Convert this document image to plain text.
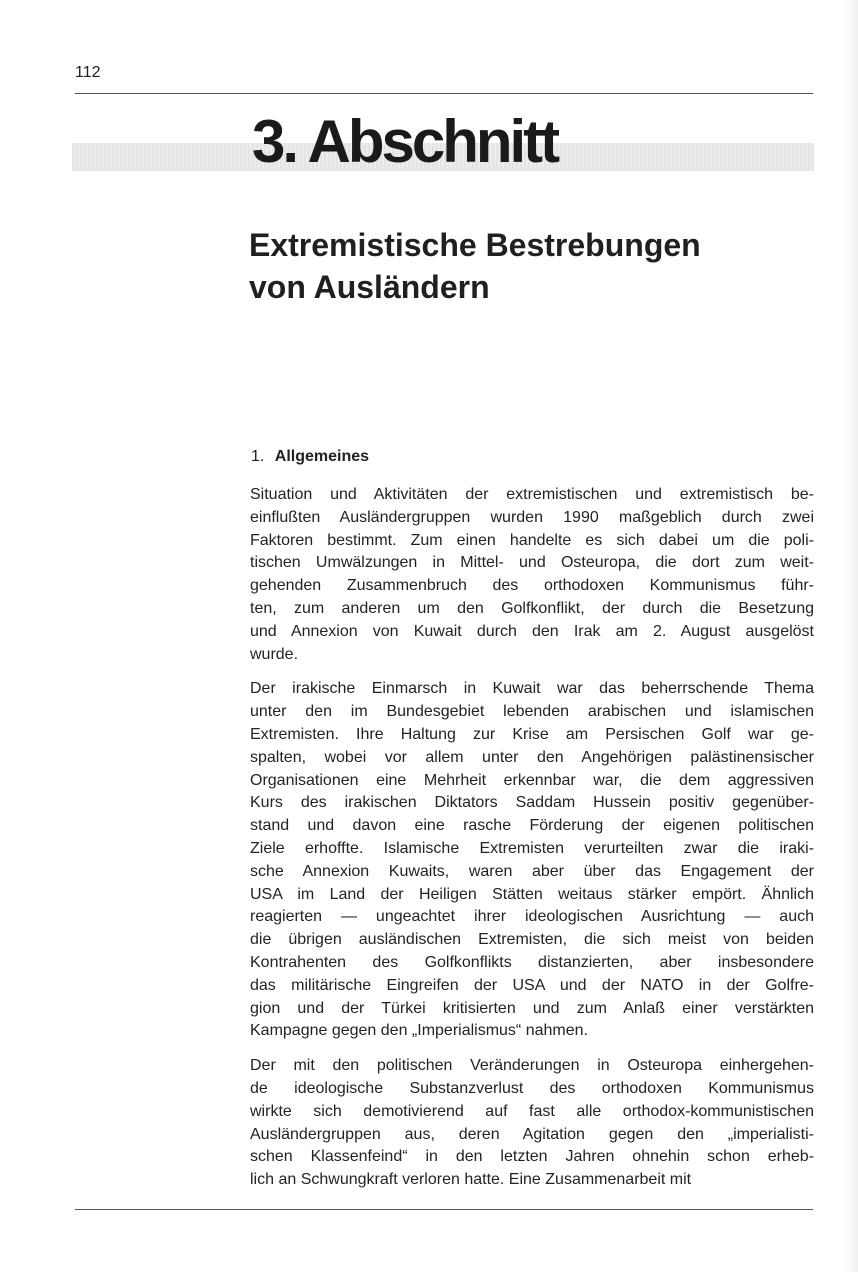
112
3. Abschnitt
Extremistische Bestrebungen
von Ausländern
1. Allgemeines
Situation und Aktivitäten der extremistischen und extremistisch be-
einflußten Ausländergruppen wurden 1990 maßgeblich durch zwei
Faktoren bestimmt. Zum einen handelte es sich dabei um die poli-
tischen Umwälzungen in Mittel- und Osteuropa, die dort zum weit-
gehenden Zusammenbruch des orthodoxen Kommunismus führ-
ten, zum anderen um den Golfkonflikt, der durch die Besetzung
und Annexion von Kuwait durch den Irak am 2. August ausgelöst
wurde.
Der irakische Einmarsch in Kuwait war das beherrschende Thema
unter den im Bundesgebiet lebenden arabischen und islamischen
Extremisten. Ihre Haltung zur Krise am Persischen Golf war ge-
spalten, wobei vor allem unter den Angehörigen palästinensischer
Organisationen eine Mehrheit erkennbar war, die dem aggressiven
Kurs des irakischen Diktators Saddam Hussein positiv gegenüber-
stand und davon eine rasche Förderung der eigenen politischen
Ziele erhoffte. Islamische Extremisten verurteilten zwar die iraki-
sche Annexion Kuwaits, waren aber über das Engagement der
USA im Land der Heiligen Stätten weitaus stärker empört. Ähnlich
reagierten — ungeachtet ihrer ideologischen Ausrichtung — auch
die übrigen ausländischen Extremisten, die sich meist von beiden
Kontrahenten des Golfkonflikts distanzierten, aber insbesondere
das militärische Eingreifen der USA und der NATO in der Golfre-
gion und der Türkei kritisierten und zum Anlaß einer verstärkten
Kampagne gegen den „Imperialismus“ nahmen.
Der mit den politischen Veränderungen in Osteuropa einhergehen-
de ideologische Substanzverlust des orthodoxen Kommunismus
wirkte sich demotivierend auf fast alle orthodox-kommunistischen
Ausländergruppen aus, deren Agitation gegen den „imperialisti-
schen Klassenfeind“ in den letzten Jahren ohnehin schon erheb-
lich an Schwungkraft verloren hatte. Eine Zusammenarbeit mit
